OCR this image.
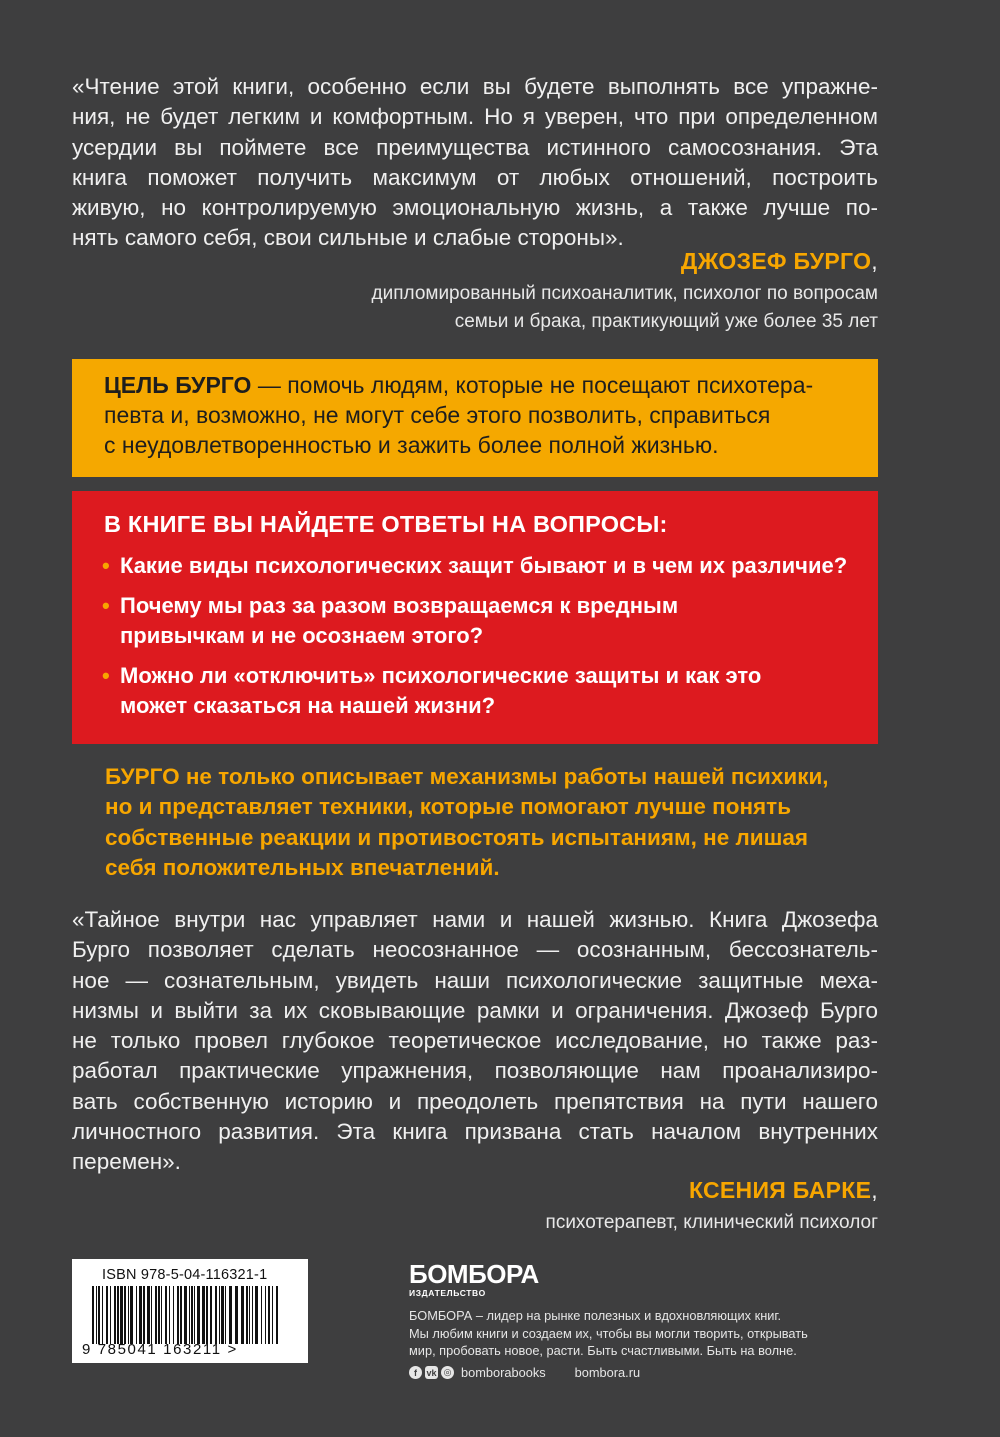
«Чтение этой книги, особенно если вы будете выполнять все упражне-
ния, не будет легким и комфортным. Но я уверен, что при определенном
усердии вы поймете все преимущества истинного самосознания. Эта
книга поможет получить максимум от любых отношений, построить
живую, но контролируемую эмоциональную жизнь, а также лучше по-
нять самого себя, свои сильные и слабые стороны».
ДЖОЗЕФ БУРГО,
дипломированный психоаналитик, психолог по вопросам
семьи и брака, практикующий уже более 35 лет
ЦЕЛЬ БУРГО — помочь людям, которые не посещают психотера-
певта и, возможно, не могут себе этого позволить, справиться
с неудовлетворенностью и зажить более полной жизнью.
В КНИГЕ ВЫ НАЙДЕТЕ ОТВЕТЫ НА ВОПРОСЫ:
• Какие виды психологических защит бывают и в чем их различие?
• Почему мы раз за разом возвращаемся к вредным
привычкам и не осознаем этого?
• Можно ли «отключить» психологические защиты и как это
может сказаться на нашей жизни?
БУРГО не только описывает механизмы работы нашей психики,
но и представляет техники, которые помогают лучше понять
собственные реакции и противостоять испытаниям, не лишая
себя положительных впечатлений.
«Тайное внутри нас управляет нами и нашей жизнью. Книга Джозефа
Бурго позволяет сделать неосознанное — осознанным, бессознатель-
ное — сознательным, увидеть наши психологические защитные меха-
низмы и выйти за их сковывающие рамки и ограничения. Джозеф Бурго
не только провел глубокое теоретическое исследование, но также раз-
работал практические упражнения, позволяющие нам проанализиро-
вать собственную историю и преодолеть препятствия на пути нашего
личностного развития. Эта книга призвана стать началом внутренних
перемен».
КСЕНИЯ БАРКЕ,
психотерапевт, клинический психолог
ISBN 978-5-04-116321-1
9 785041 163211 >
БОМБОРА
ИЗДАТЕЛЬСТВО
БОМБОРА – лидер на рынке полезных и вдохновляющих книг.
Мы любим книги и создаем их, чтобы вы могли творить, открывать
мир, пробовать новое, расти. Быть счастливыми. Быть на волне.
f	vk ◎ bomborabooks bombora.ru
